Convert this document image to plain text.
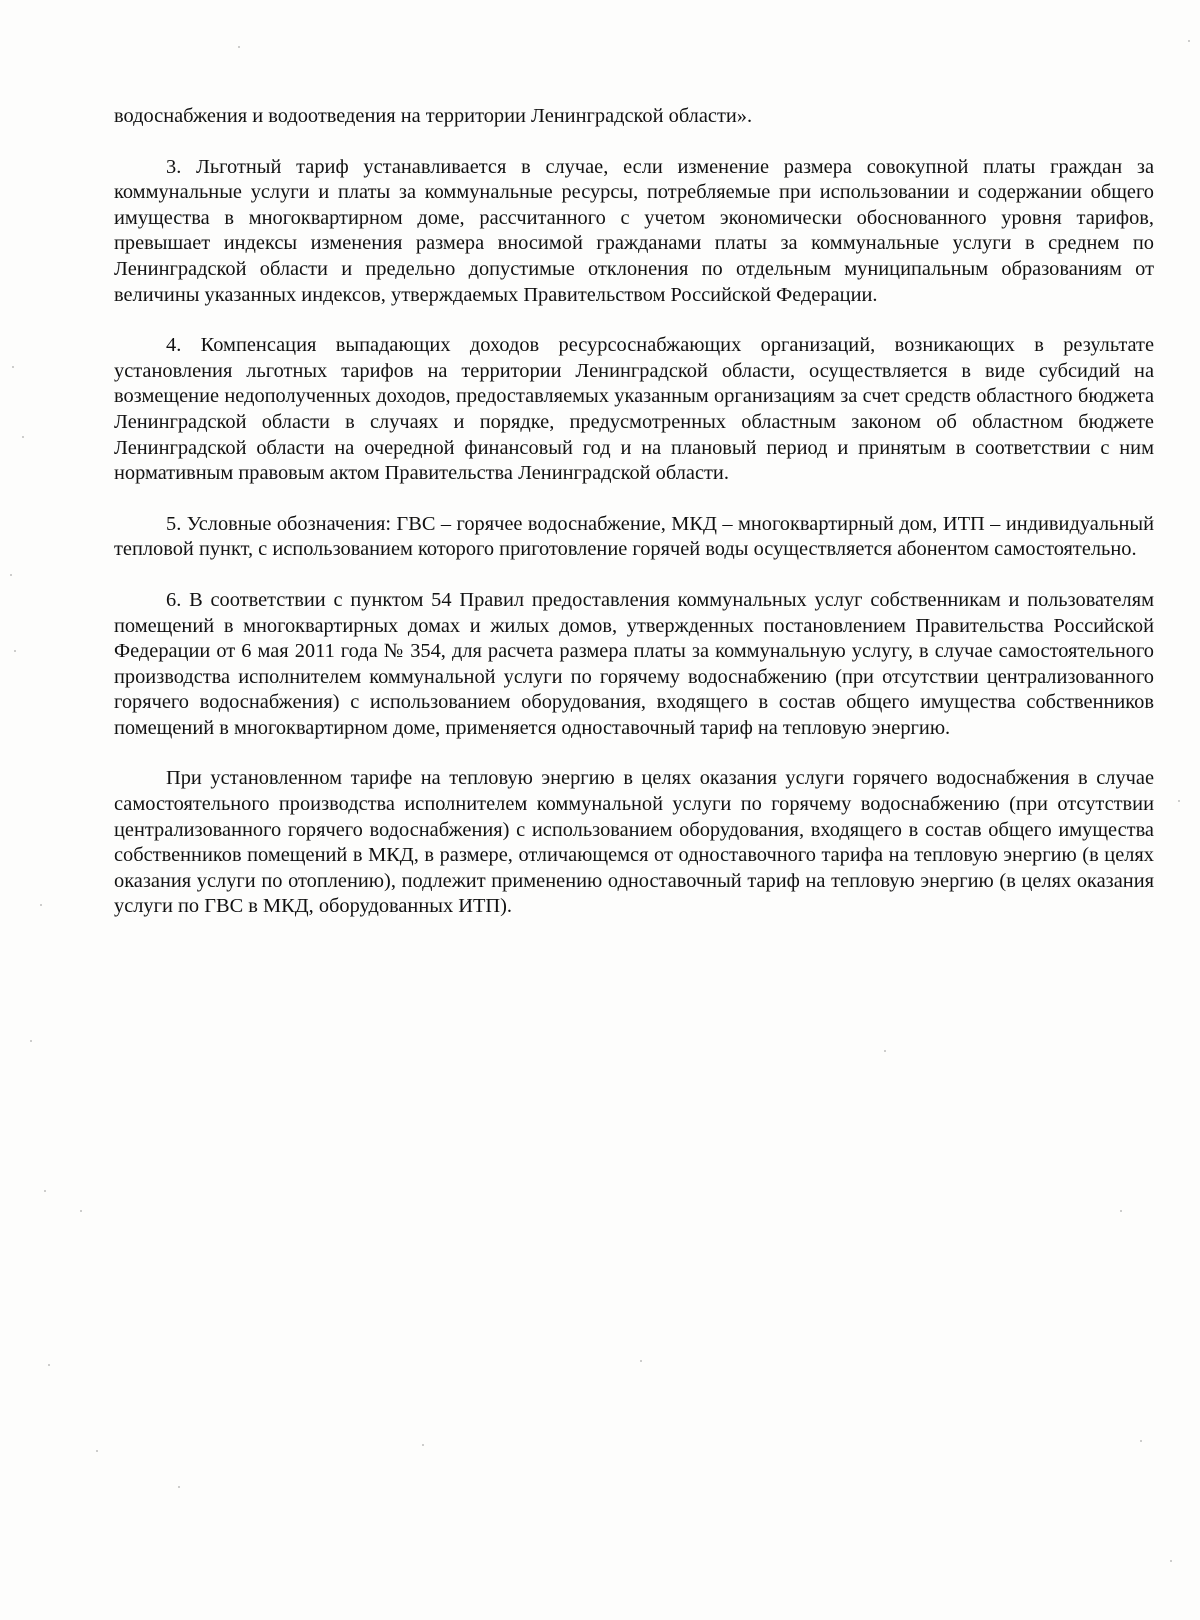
водоснабжения и водоотведения на территории Ленинградской области».

3. Льготный тариф устанавливается в случае, если изменение размера совокупной платы граждан за коммунальные услуги и платы за коммунальные ресурсы, потребляемые при использовании и содержании общего имущества в многоквартирном доме, рассчитанного с учетом экономически обоснованного уровня тарифов, превышает индексы изменения размера вносимой гражданами платы за коммунальные услуги в среднем по Ленинградской области и предельно допустимые отклонения по отдельным муниципальным образованиям от величины указанных индексов, утверждаемых Правительством Российской Федерации.

4. Компенсация выпадающих доходов ресурсоснабжающих организаций, возникающих в результате установления льготных тарифов на территории Ленинградской области, осуществляется в виде субсидий на возмещение недополученных доходов, предоставляемых указанным организациям за счет средств областного бюджета Ленинградской области в случаях и порядке, предусмотренных областным законом об областном бюджете Ленинградской области на очередной финансовый год и на плановый период и принятым в соответствии с ним нормативным правовым актом Правительства Ленинградской области.

5. Условные обозначения: ГВС – горячее водоснабжение, МКД – многоквартирный дом, ИТП – индивидуальный тепловой пункт, с использованием которого приготовление горячей воды осуществляется абонентом самостоятельно.

6. В соответствии с пунктом 54 Правил предоставления коммунальных услуг собственникам и пользователям помещений в многоквартирных домах и жилых домов, утвержденных постановлением Правительства Российской Федерации от 6 мая 2011 года № 354, для расчета размера платы за коммунальную услугу, в случае самостоятельного производства исполнителем коммунальной услуги по горячему водоснабжению (при отсутствии централизованного горячего водоснабжения) с использованием оборудования, входящего в состав общего имущества собственников помещений в многоквартирном доме, применяется одноставочный тариф на тепловую энергию.

При установленном тарифе на тепловую энергию в целях оказания услуги горячего водоснабжения в случае самостоятельного производства исполнителем коммунальной услуги по горячему водоснабжению (при отсутствии централизованного горячего водоснабжения) с использованием оборудования, входящего в состав общего имущества собственников помещений в МКД, в размере, отличающемся от одноставочного тарифа на тепловую энергию (в целях оказания услуги по отоплению), подлежит применению одноставочный тариф на тепловую энергию (в целях оказания услуги по ГВС в МКД, оборудованных ИТП).
